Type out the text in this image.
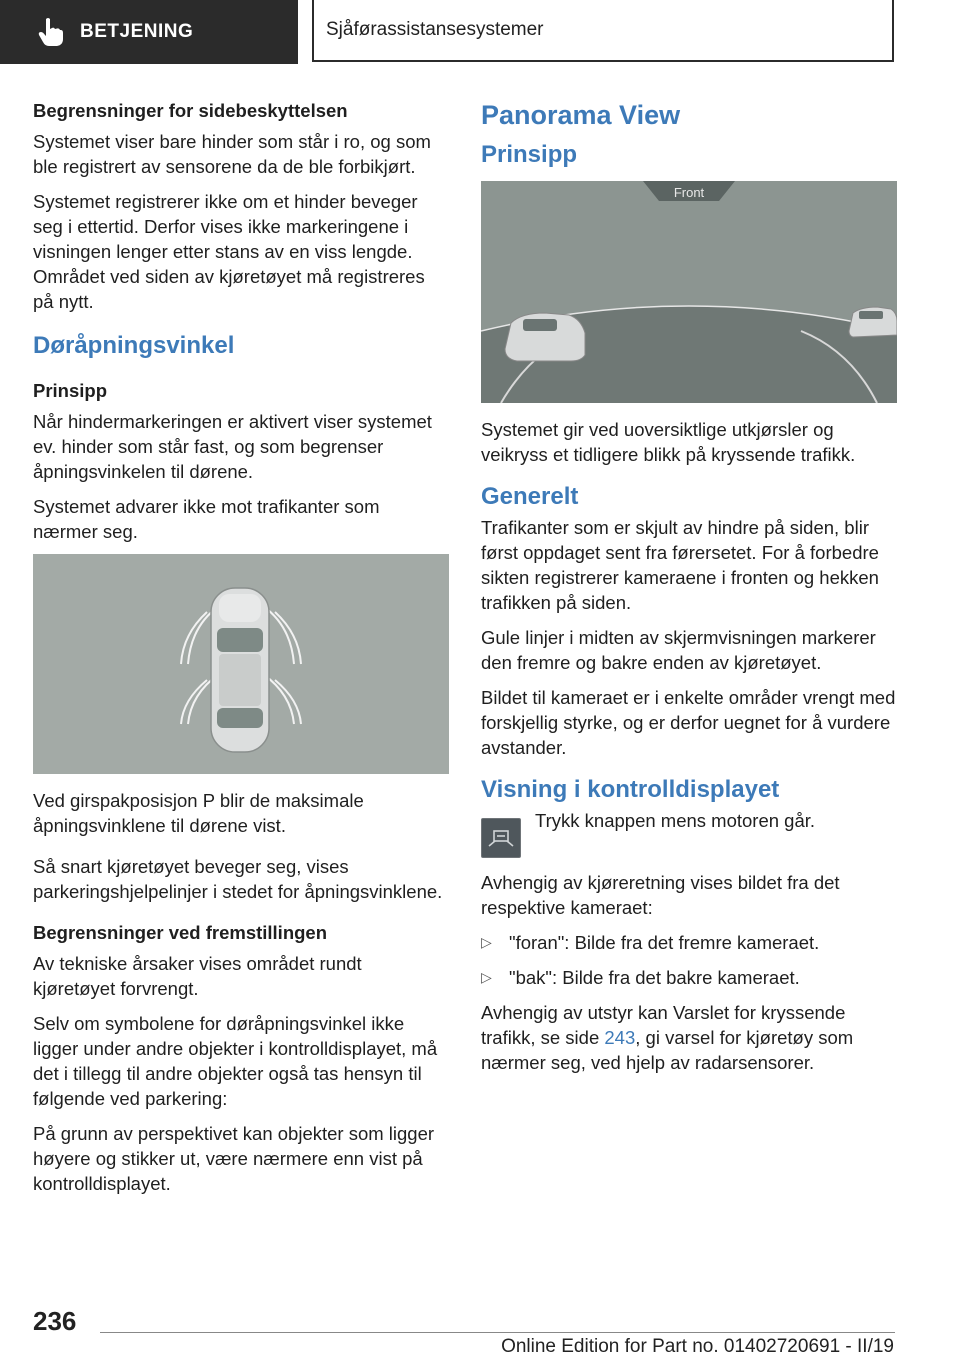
BETJENING	Sjåførassistansesystemer
Begrensninger for sidebeskyttelsen

Systemet viser bare hinder som står i ro, og som ble registrert av sensorene da de ble forbikjørt.

Systemet registrerer ikke om et hinder beveger seg i ettertid. Derfor vises ikke markeringene i visningen lenger etter stans av en viss lengde. Området ved siden av kjøretøyet må registreres på nytt.

Døråpningsvinkel
Prinsipp

Når hindermarkeringen er aktivert viser systemet ev. hinder som står fast, og som begrenser åpningsvinkelen til dørene.

Systemet advarer ikke mot trafikanter som nærmer seg.

Ved girspakposisjon P blir de maksimale åpningsvinklene til dørene vist.

Så snart kjøretøyet beveger seg, vises parkeringshjelpelinjer i stedet for åpningsvinklene.

Begrensninger ved fremstillingen

Av tekniske årsaker vises området rundt kjøretøyet forvrengt.

Selv om symbolene for døråpningsvinkel ikke ligger under andre objekter i kontrolldisplayet, må det i tillegg til andre objekter også tas hensyn til følgende ved parkering:

På grunn av perspektivet kan objekter som ligger høyere og stikker ut, være nærmere enn vist på kontrolldisplayet.

Panorama View
Prinsipp
Front

Systemet gir ved uoversiktlige utkjørsler og veikryss et tidligere blikk på kryssende trafikk.

Generelt

Trafikanter som er skjult av hindre på siden, blir først oppdaget sent fra førersetet. For å forbedre sikten registrerer kameraene i fronten og hekken trafikken på siden.

Gule linjer i midten av skjermvisningen markerer den fremre og bakre enden av kjøretøyet.

Bildet til kameraet er i enkelte områder vrengt med forskjellig styrke, og er derfor uegnet for å vurdere avstander.

Visning i kontrolldisplayet

Trykk knappen mens motoren går.

Avhengig av kjøreretning vises bildet fra det respektive kameraet:

▷ "foran": Bilde fra det fremre kameraet.

▷ "bak": Bilde fra det bakre kameraet.

Avhengig av utstyr kan Varslet for kryssende trafikk, se side 243, gi varsel for kjøretøy som nærmer seg, ved hjelp av radarsensorer.

236
Online Edition for Part no. 01402720691 - II/19
